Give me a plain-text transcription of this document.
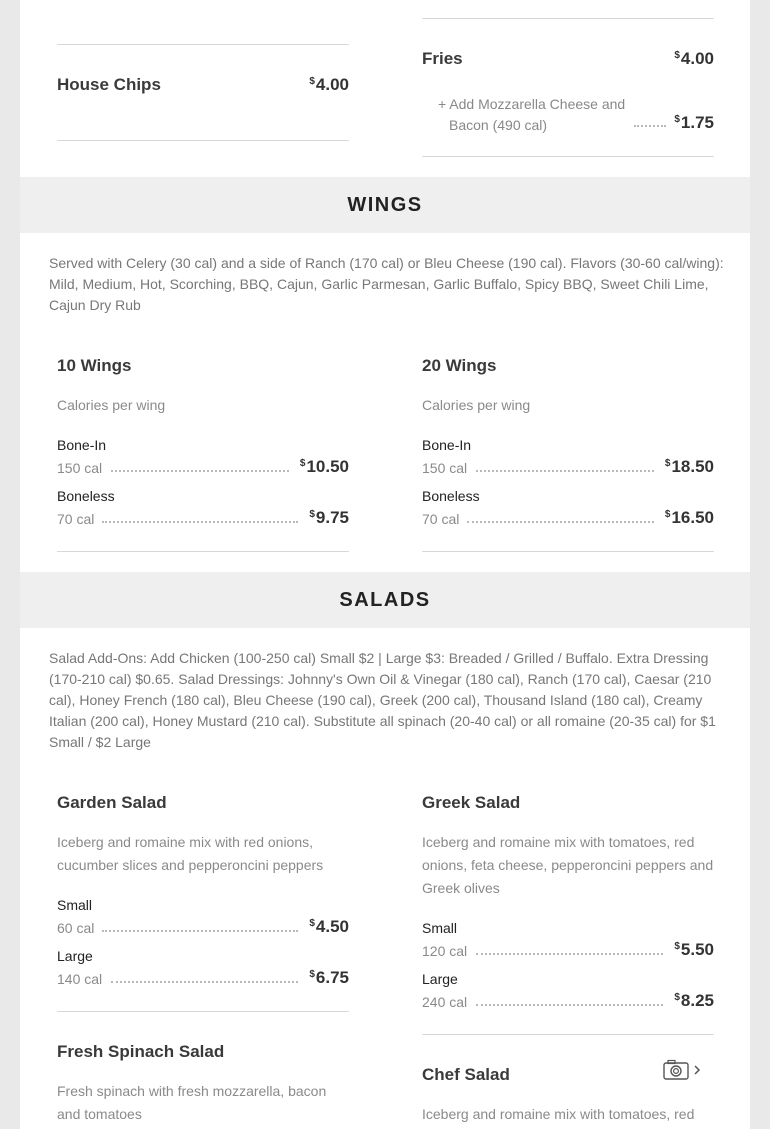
House Chips	$4.00
Fries	$4.00
+ Add Mozzarella Cheese and
Bacon (490 cal)	$1.75
WINGS
Served with Celery (30 cal) and a side of Ranch (170 cal) or Bleu Cheese (190 cal). Flavors (30-60 cal/wing): Mild, Medium, Hot, Scorching, BBQ, Cajun, Garlic Parmesan, Garlic Buffalo, Spicy BBQ, Sweet Chili Lime, Cajun Dry Rub
10 Wings
Calories per wing
Bone-In
150 cal	$10.50
Boneless
70 cal	$9.75
20 Wings
Calories per wing
Bone-In
150 cal	$18.50
Boneless
70 cal	$16.50
SALADS
Salad Add-Ons: Add Chicken (100-250 cal) Small $2 | Large $3: Breaded / Grilled / Buffalo. Extra Dressing (170-210 cal) $0.65. Salad Dressings: Johnny's Own Oil & Vinegar (180 cal), Ranch (170 cal), Caesar (210 cal), Honey French (180 cal), Bleu Cheese (190 cal), Greek (200 cal), Thousand Island (180 cal), Creamy Italian (200 cal), Honey Mustard (210 cal). Substitute all spinach (20-40 cal) or all romaine (20-35 cal) for $1 Small / $2 Large
Garden Salad
Iceberg and romaine mix with red onions,
cucumber slices and pepperoncini peppers
Small
60 cal	$4.50
Large
140 cal	$6.75
Fresh Spinach Salad
Fresh spinach with fresh mozzarella, bacon
and tomatoes
Greek Salad
Iceberg and romaine mix with tomatoes, red
onions, feta cheese, pepperoncini peppers and
Greek olives
Small
120 cal	$5.50
Large
240 cal	$8.25
Chef Salad
Iceberg and romaine mix with tomatoes, red
